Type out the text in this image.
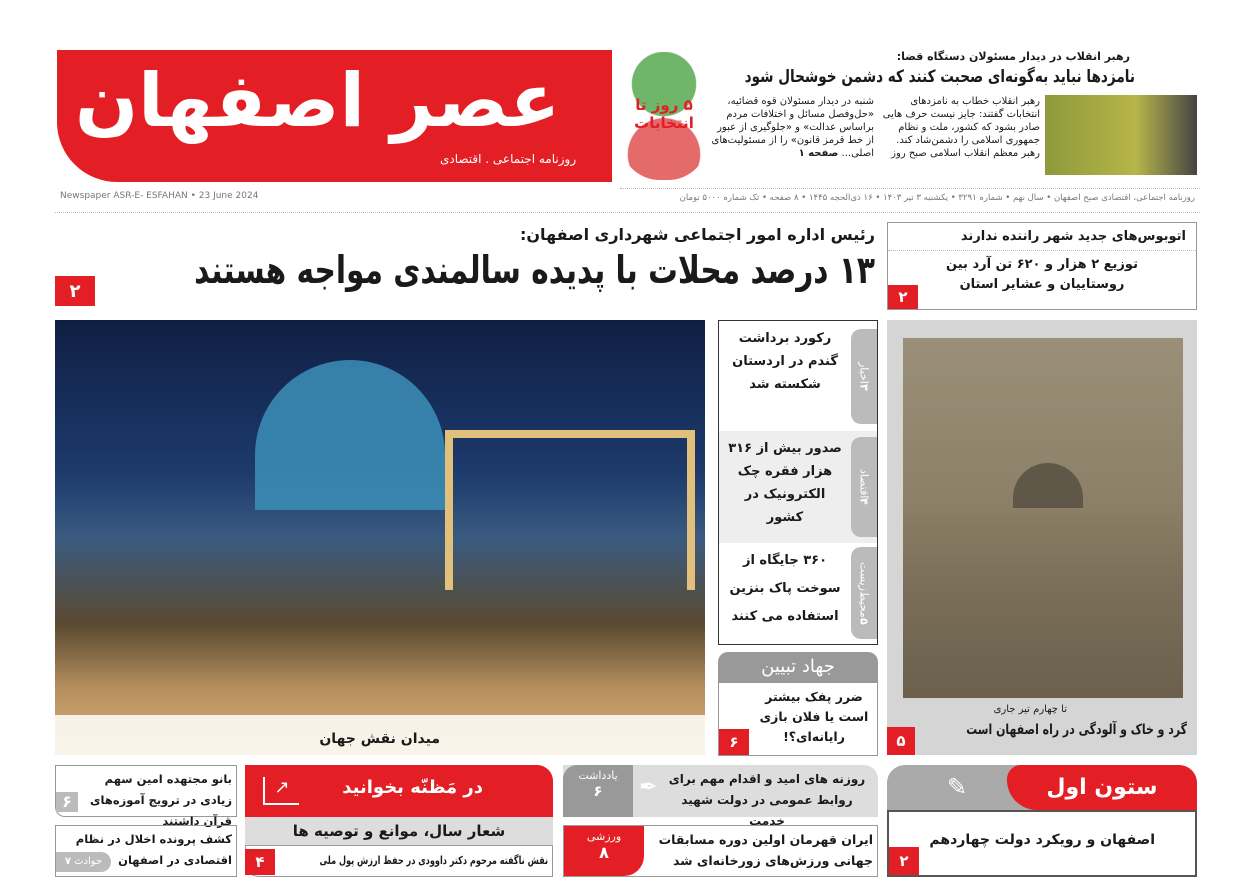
عصر اصفهان
روزنامه اجتماعی . اقتصادی
۵ روز تا انتخابات
رهبر انقلاب در دیدار مسئولان دستگاه قضا:
نامزدها نباید به‌گونه‌ای صحبت کنند که دشمن خوشحال شود
رهبر انقلاب خطاب به نامزدهای انتخابات گفتند: جایز نیست حرف هایی صادر بشود که کشور، ملت و نظام جمهوری اسلامی را دشمن‌شاد کند. رهبر معظم انقلاب اسلامی صبح روز
شنبه در دیدار مسئولان قوه قضائیه، «حل‌وفصل مسائل و اختلافات مردم براساس عدالت» و «جلوگیری از عبور از خط قرمز قانون» را از مسئولیت‌های اصلی... صفحه ۱
روزنامه اجتماعی، اقتصادی صبح اصفهان • سال نهم • شماره ۳۲۹۱ • یکشنبه ۳ تیر ۱۴۰۳ • ۱۶ ذی‌الحجه ۱۴۴۵ • ۸ صفحه • تک شماره ۵۰۰۰ تومان
Newspaper ASR-E- ESFAHAN • 23 June 2024
رئیس اداره امور اجتماعی شهرداری اصفهان:
۱۳ درصد محلات با پدیده سالمندی مواجه هستند
۲
اتوبوس‌های جدید شهر راننده ندارند
توزیع ۲ هزار و ۶۲۰ تن آرد بین روستاییان و عشایر استان
۲
میدان نقش جهان
اخبار
۳
رکورد برداشت گندم در اردستان شکسته شد
اقتصاد
۴
صدور بیش از ۳۱۶ هزار فقره چک الکترونیک در کشور
محیط‌زیست
۵
۳۶۰ جایگاه از سوخت پاک بنزین استفاده می کنند
جهاد تبیین
ضرر پفک بیشتر است یا فلان بازی رایانه‌ای؟!
۶
تا چهارم تیر جاری
گرد و خاک و آلودگی در راه اصفهان است
۵
بانو مجتهده امین سهم زیادی در ترویج آموزه‌های قرآن داشتند
۶
کشف پرونده اخلال در نظام اقتصادی در اصفهان
۷ حوادث
↗	در مَظنّه بخوانید
شعار سال، موانع و توصیه ها
نقش ناگفته مرحوم دکتر داوودی در حفظ ارزش پول ملی
۴
یادداشت
۶	✒ روزنه های امید و اقدام مهم برای روابط عمومی در دولت شهید خدمت
ورزشی
۸
ایران قهرمان اولین دوره مسابقات جهانی ورزش‌های زورخانه‌ای شد
ستون اول
✎
اصفهان و رویکرد دولت چهاردهم
۲
